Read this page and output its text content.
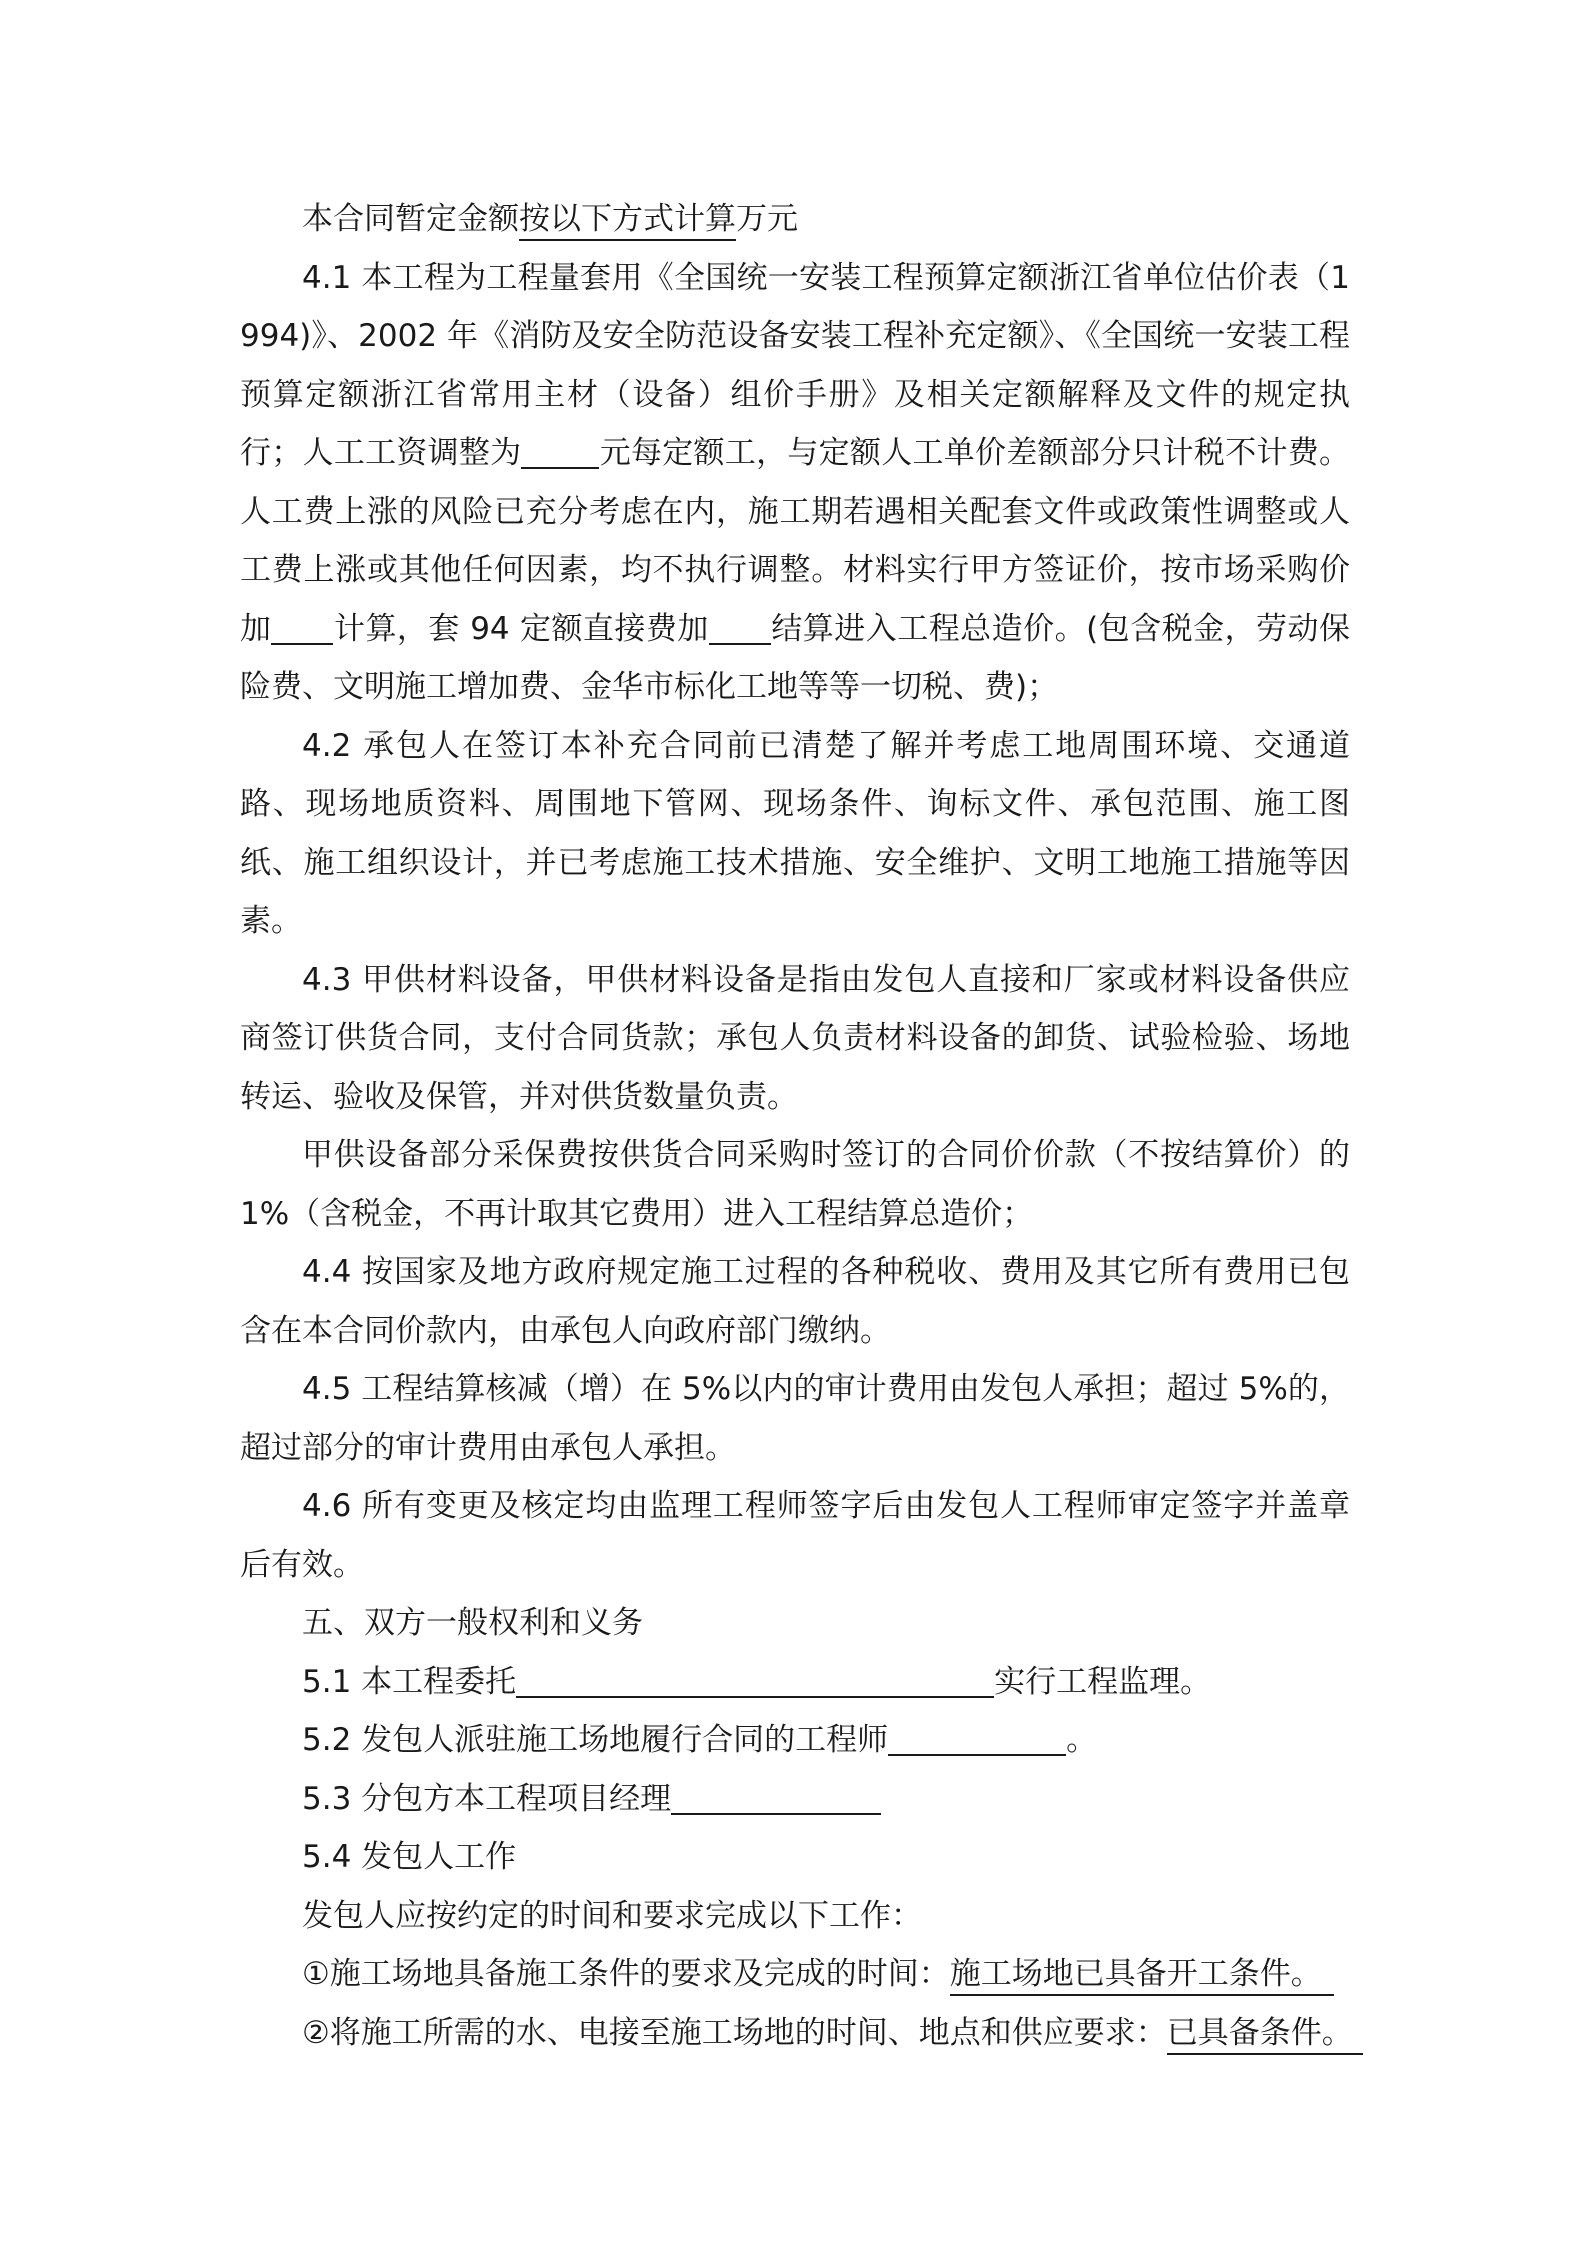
本合同暂定金额按以下方式计算万元

4.1 本工程为工程量套用《全国统一安装工程预算定额浙江省单位估价表（1994)》、2002 年《消防及安全防范设备安装工程补充定额》、《全国统一安装工程预算定额浙江省常用主材（设备）组价手册》及相关定额解释及文件的规定执行；人工工资调整为	元每定额工，与定额人工单价差额部分只计税不计费。人工费上涨的风险已充分考虑在内，施工期若遇相关配套文件或政策性调整或人工费上涨或其他任何因素，均不执行调整。材料实行甲方签证价，按市场采购价加 计算，套 94 定额直接费加 结算进入工程总造价。(包含税金，劳动保险费、文明施工增加费、金华市标化工地等等一切税、费)；

4.2 承包人在签订本补充合同前已清楚了解并考虑工地周围环境、交通道路、现场地质资料、周围地下管网、现场条件、询标文件、承包范围、施工图纸、施工组织设计，并已考虑施工技术措施、安全维护、文明工地施工措施等因素。

4.3 甲供材料设备，甲供材料设备是指由发包人直接和厂家或材料设备供应商签订供货合同，支付合同货款；承包人负责材料设备的卸货、试验检验、场地转运、验收及保管，并对供货数量负责。

甲供设备部分采保费按供货合同采购时签订的合同价价款（不按结算价）的1%（含税金，不再计取其它费用）进入工程结算总造价；

4.4 按国家及地方政府规定施工过程的各种税收、费用及其它所有费用已包含在本合同价款内，由承包人向政府部门缴纳。

4.5 工程结算核减（增）在 5%以内的审计费用由发包人承担；超过 5%的，超过部分的审计费用由承包人承担。

4.6 所有变更及核定均由监理工程师签字后由发包人工程师审定签字并盖章后有效。

五、双方一般权利和义务

5.1 本工程委托	实行工程监理。

5.2 发包人派驻施工场地履行合同的工程师	。

5.3 分包方本工程项目经理

5.4 发包人工作

发包人应按约定的时间和要求完成以下工作：

①施工场地具备施工条件的要求及完成的时间：施工场地已具备开工条件。

②将施工所需的水、电接至施工场地的时间、地点和供应要求：已具备条件。
